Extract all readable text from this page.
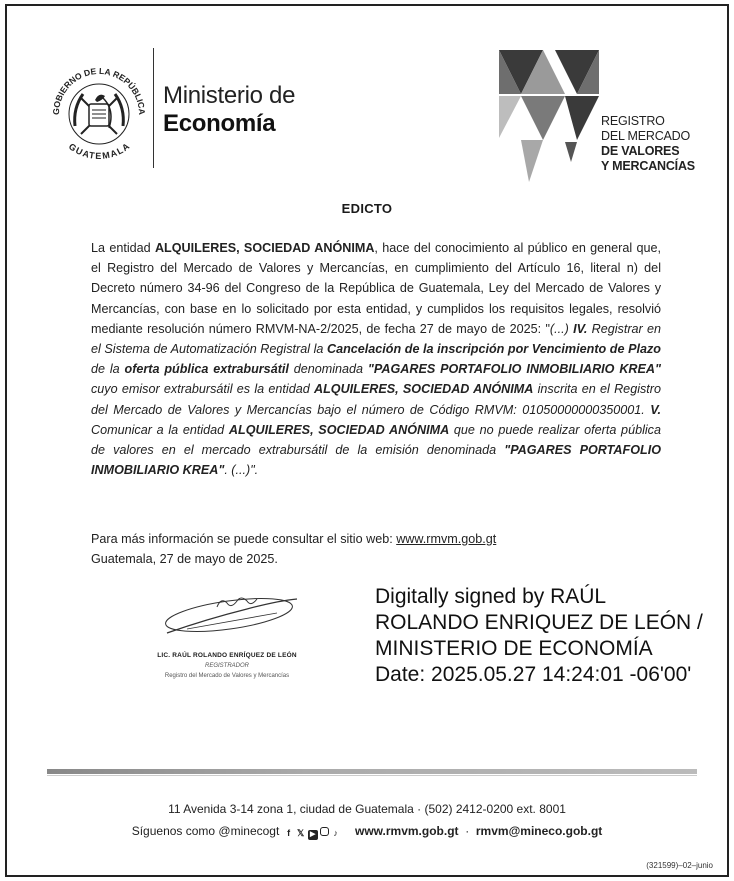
GOBIERNO DE LA REPÚBLICA
GUATEMALA
Ministerio de
Economía	REGISTRO
DEL MERCADO
DE VALORES
Y MERCANCÍAS
EDICTO
La entidad ALQUILERES, SOCIEDAD ANÓNIMA, hace del conocimiento al público en general que, el Registro del Mercado de Valores y Mercancías, en cumplimiento del Artículo 16, literal n) del Decreto número 34-96 del Congreso de la República de Guatemala, Ley del Mercado de Valores y Mercancías, con base en lo solicitado por esta entidad, y cumplidos los requisitos legales, resolvió mediante resolución número RMVM-NA-2/2025, de fecha 27 de mayo de 2025: "(...) IV. Registrar en el Sistema de Automatización Registral la Cancelación de la inscripción por Vencimiento de Plazo de la oferta pública extrabursátil denominada "PAGARES PORTAFOLIO INMOBILIARIO KREA" cuyo emisor extrabursátil es la entidad ALQUILERES, SOCIEDAD ANÓNIMA inscrita en el Registro del Mercado de Valores y Mercancías bajo el número de Código RMVM: 01050000000350001. V. Comunicar a la entidad ALQUILERES, SOCIEDAD ANÓNIMA que no puede realizar oferta pública de valores en el mercado extrabursátil de la emisión denominada "PAGARES PORTAFOLIO INMOBILIARIO KREA". (...)".
Para más información se puede consultar el sitio web: www.rmvm.gob.gt
Guatemala, 27 de mayo de 2025.
LIC. RAÚL ROLANDO ENRÍQUEZ DE LEÓN
REGISTRADOR
Registro del Mercado de Valores y Mercancías
Digitally signed by RAÚL
ROLANDO ENRIQUEZ DE LEÓN /
MINISTERIO DE ECONOMÍA
Date: 2025.05.27 14:24:01 -06'00'
11 Avenida 3-14 zona 1, ciudad de Guatemala · (502) 2412-0200 ext. 8001
Síguenos como @minecogt f 𝕏 ▶ ♪ www.rmvm.gob.gt · rmvm@mineco.gob.gt
(321599)–02–junio
